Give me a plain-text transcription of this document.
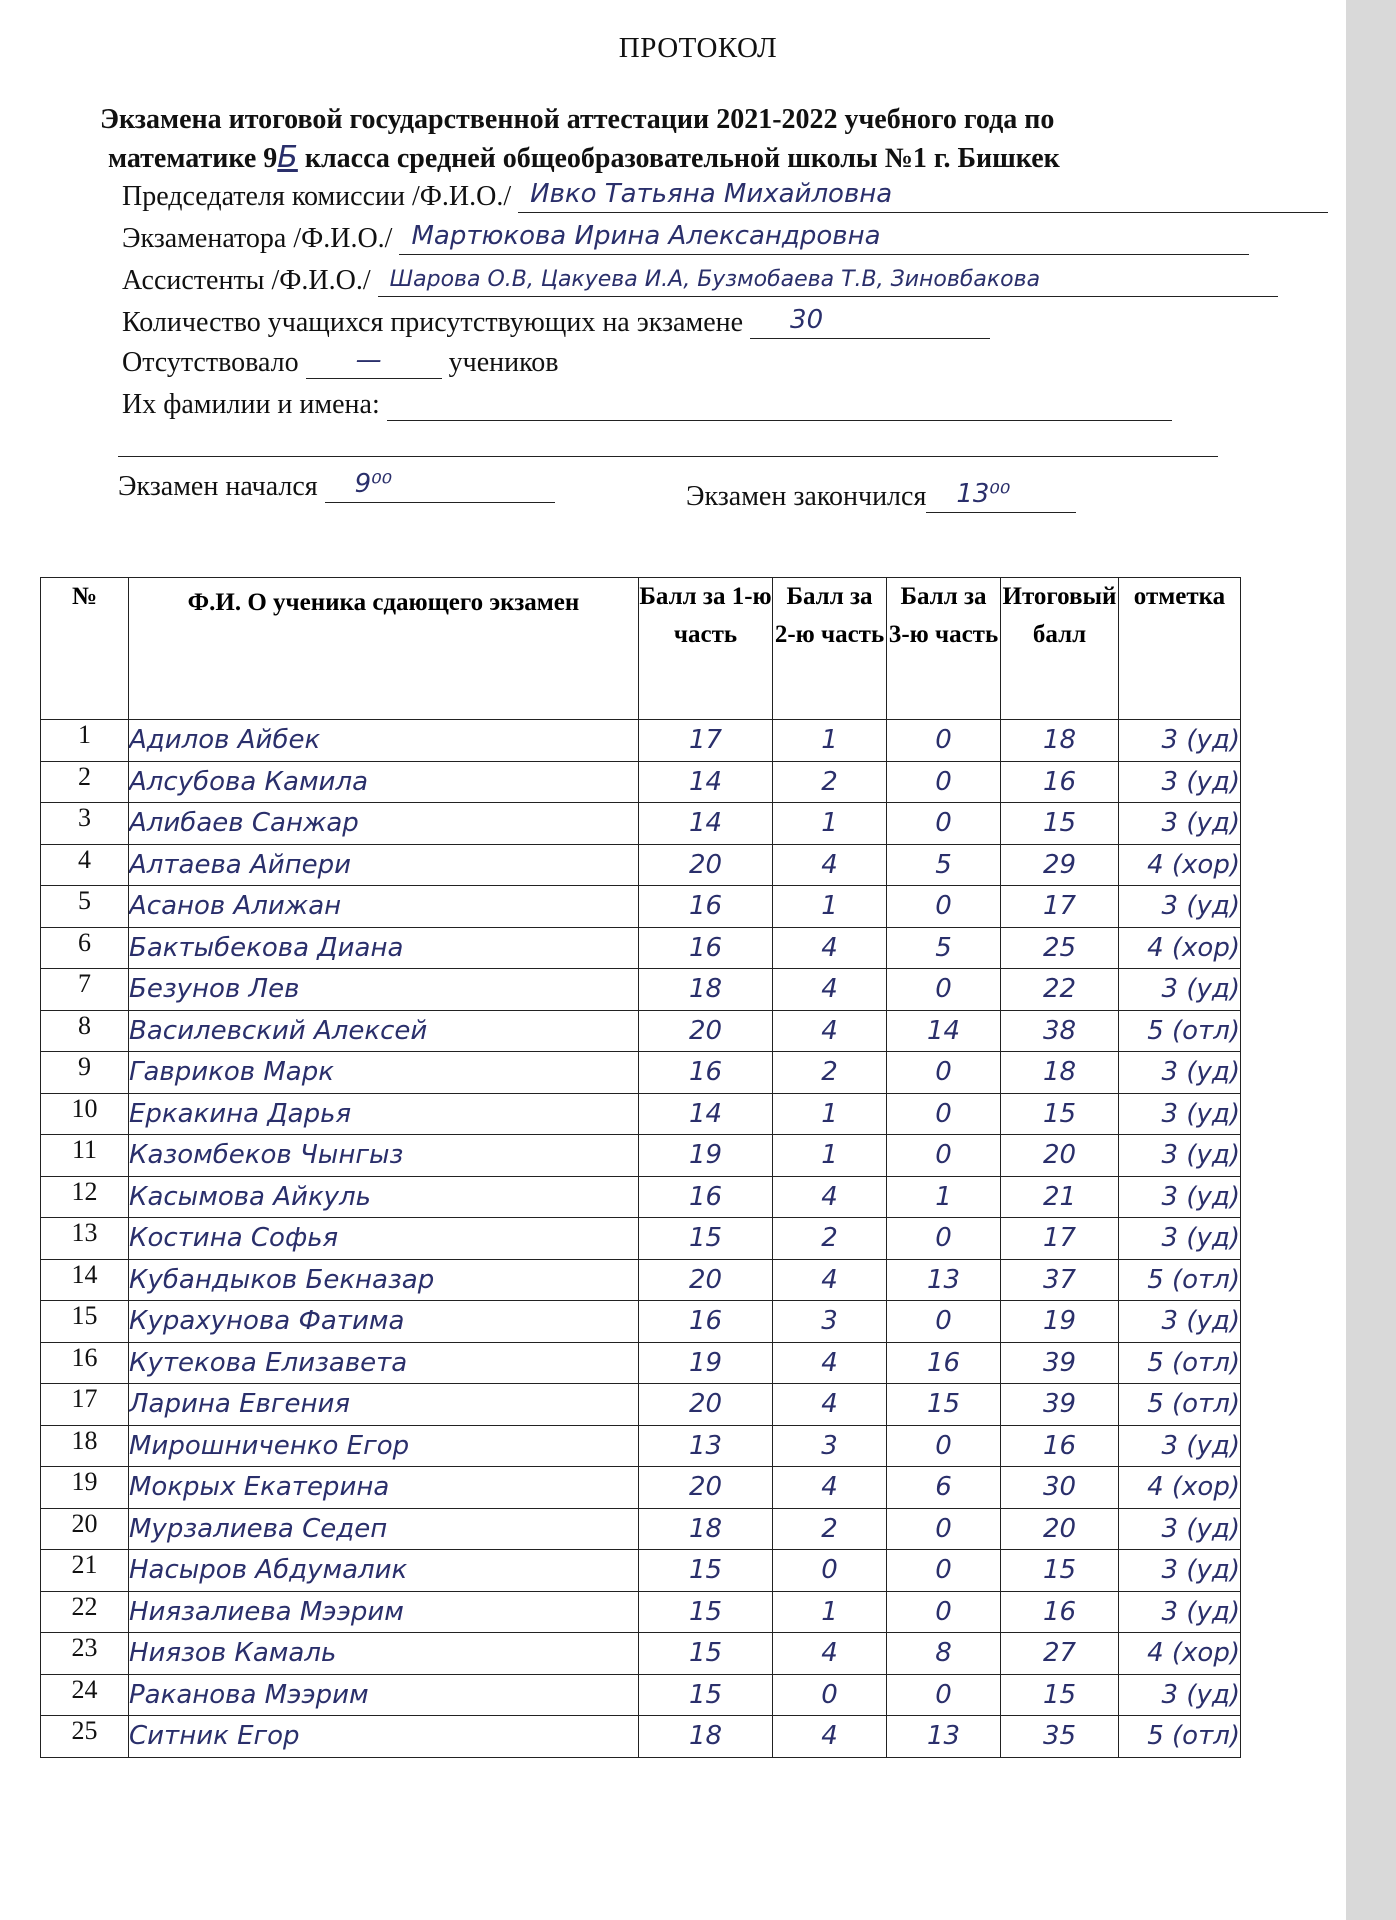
ПРОТОКОЛ
Экзамена итоговой государственной аттестации 2021-2022 учебного года по
математике 9Б класса средней общеобразовательной школы №1 г. Бишкек
Председателя комиссии /Ф.И.О./ Ивко Татьяна Михайловна
Экзаменатора /Ф.И.О./ Мартюкова Ирина Александровна
Ассистенты /Ф.И.О./ Шарова О.В, Цакуева И.А, Бузмобаева Т.В, Зиновбакова
Количество учащихся присутствующих на экзамене 30
Отсутствовало — учеников
Их фамилии и имена:
Экзамен начался 9⁰⁰	Экзамен закончился 13⁰⁰
№	Ф.И. О ученика сдающего экзамен	Балл за 1-ю часть	Балл за 2-ю часть	Балл за 3-ю часть	Итоговый балл	отметка
1	Адилов Айбек	17	1	0	18	3 (уд)
2	Алсубова Камила	14	2	0	16	3 (уд)
3	Алибаев Санжар	14	1	0	15	3 (уд)
4	Алтаева Айпери	20	4	5	29	4 (хор)
5	Асанов Алижан	16	1	0	17	3 (уд)
6	Бактыбекова Диана	16	4	5	25	4 (хор)
7	Безунов Лев	18	4	0	22	3 (уд)
8	Василевский Алексей	20	4	14	38	5 (отл)
9	Гавриков Марк	16	2	0	18	3 (уд)
10	Еркакина Дарья	14	1	0	15	3 (уд)
11	Казомбеков Чынгыз	19	1	0	20	3 (уд)
12	Касымова Айкуль	16	4	1	21	3 (уд)
13	Костина Софья	15	2	0	17	3 (уд)
14	Кубандыков Бекназар	20	4	13	37	5 (отл)
15	Курахунова Фатима	16	3	0	19	3 (уд)
16	Кутекова Елизавета	19	4	16	39	5 (отл)
17	Ларина Евгения	20	4	15	39	5 (отл)
18	Мирошниченко Егор	13	3	0	16	3 (уд)
19	Мокрых Екатерина	20	4	6	30	4 (хор)
20	Мурзалиева Седеп	18	2	0	20	3 (уд)
21	Насыров Абдумалик	15	0	0	15	3 (уд)
22	Ниязалиева Мээрим	15	1	0	16	3 (уд)
23	Ниязов Камаль	15	4	8	27	4 (хор)
24	Раканова Мээрим	15	0	0	15	3 (уд)
25	Ситник Егор	18	4	13	35	5 (отл)
